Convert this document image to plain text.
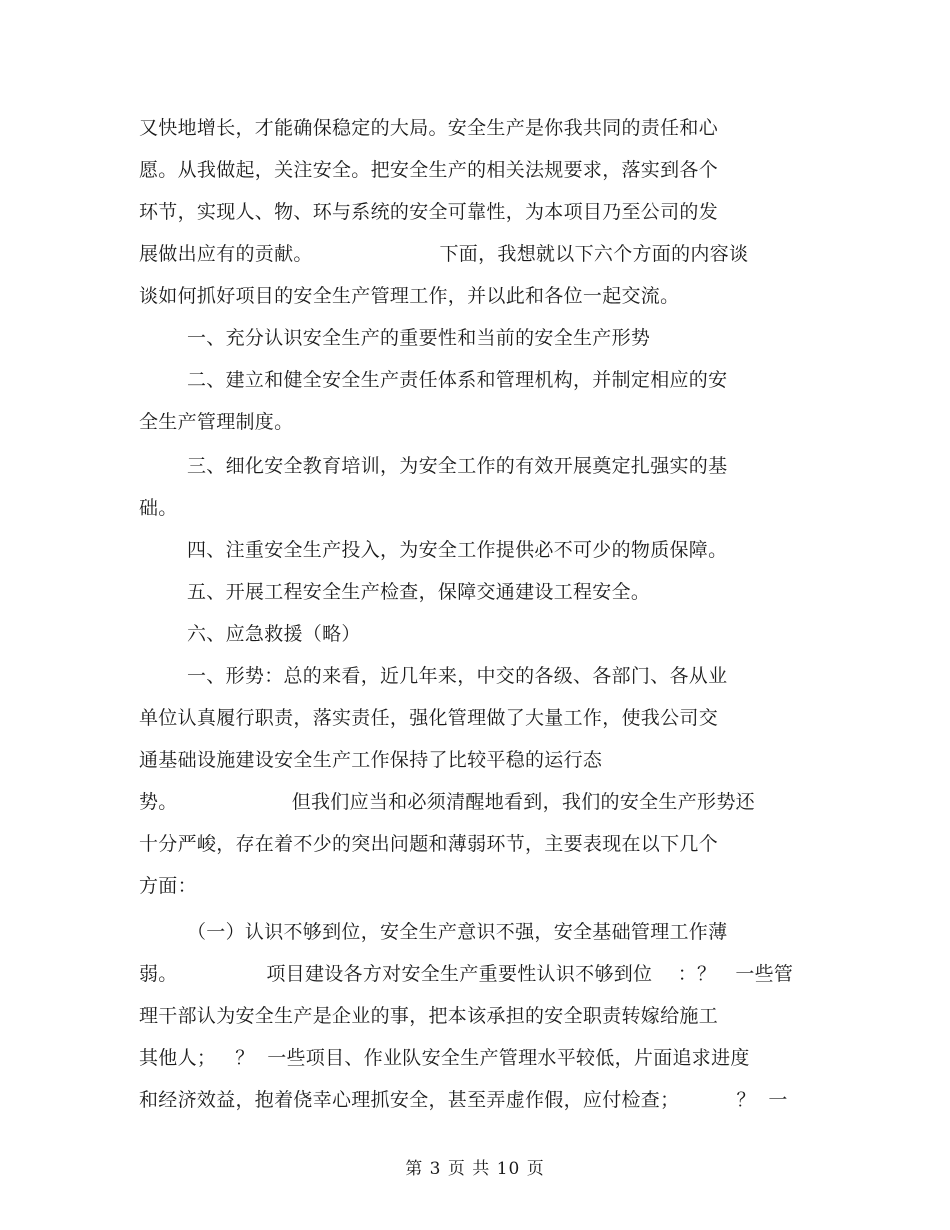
又快地增长，才能确保稳定的大局。安全生产是你我共同的责任和心
愿。从我做起，关注安全。把安全生产的相关法规要求，落实到各个
环节，实现人、物、环与系统的安全可靠性，为本项目乃至公司的发
展做出应有的贡献。                    下面，我想就以下六个方面的内容谈
谈如何抓好项目的安全生产管理工作，并以此和各位一起交流。
一、充分认识安全生产的重要性和当前的安全生产形势
二、建立和健全安全生产责任体系和管理机构，并制定相应的安
全生产管理制度。
三、细化安全教育培训，为安全工作的有效开展奠定扎强实的基
础。
四、注重安全生产投入，为安全工作提供必不可少的物质保障。
五、开展工程安全生产检查，保障交通建设工程安全。
六、应急救援（略）
一、形势：总的来看，近几年来，中交的各级、各部门、各从业
单位认真履行职责，落实责任，强化管理做了大量工作，使我公司交
通基础设施建设安全生产工作保持了比较平稳的运行态
势。                  但我们应当和必须清醒地看到，我们的安全生产形势还
十分严峻，存在着不少的突出问题和薄弱环节，主要表现在以下几个
方面：
（一）认识不够到位，安全生产意识不强，安全基础管理工作薄
弱。              项目建设各方对安全生产重要性认识不够到位    ：？   一些管
理干部认为安全生产是企业的事，把本该承担的安全职责转嫁给施工
其他人；   ？  一些项目、作业队安全生产管理水平较低，片面追求进度
和经济效益，抱着侥幸心理抓安全，甚至弄虚作假，应付检查；         ？  一
第 3 页 共 10 页
